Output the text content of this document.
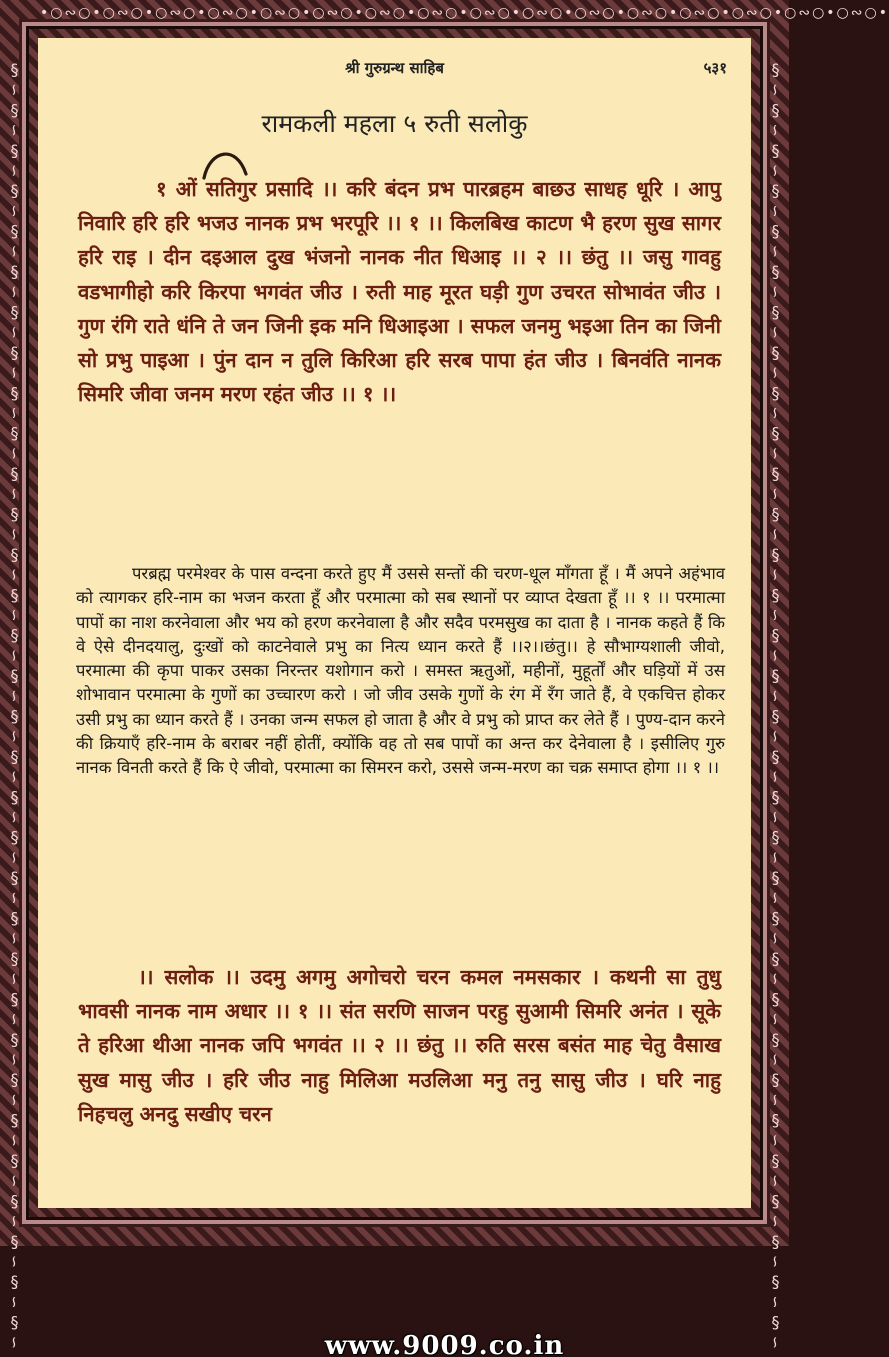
•○∾○•○∾○•○∾○•○∾○•○∾○•○∾○•○∾○•○∾○•○∾○•○∾○•○∾○•○∾○•○∾○•○∾○•○∾○•○∾○•
§∽§∽§∽§∽§∽§∽§∽§∽§∽§∽§∽§∽§∽§∽§∽§∽§∽§∽§∽§∽§∽§∽§∽§∽§∽§∽§∽§∽§∽§∽§∽§∽	§∽§∽§∽§∽§∽§∽§∽§∽§∽§∽§∽§∽§∽§∽§∽§∽§∽§∽§∽§∽§∽§∽§∽§∽§∽§∽§∽§∽§∽§∽§∽§∽
श्री गुरुग्रन्थ साहिब	५३१
रामकली महला ५ रुती सलोकु

१ ओं सतिगुर प्रसादि ।। करि बंदन प्रभ पारब्रहम बाछउ साधह धूरि । आपु निवारि हरि हरि भजउ नानक प्रभ भरपूरि ।। १ ।। किलबिख काटण भै हरण सुख सागर हरि राइ । दीन दइआल दुख भंजनो नानक नीत धिआइ ।। २ ।। छंतु ।। जसु गावहु वडभागीहो करि किरपा भगवंत जीउ । रुती माह मूरत घड़ी गुण उचरत सोभावंत जीउ । गुण रंगि राते धंनि ते जन जिनी इक मनि धिआइआ । सफल जनमु भइआ तिन का जिनी सो प्रभु पाइआ । पुंन दान न तुलि किरिआ हरि सरब पापा हंत जीउ । बिनवंति नानक सिमरि जीवा जनम मरण रहंत जीउ ।। १ ।।

परब्रह्म परमेश्वर के पास वन्दना करते हुए मैं उससे सन्तों की चरण-धूल माँगता हूँ । मैं अपने अहंभाव को त्यागकर हरि-नाम का भजन करता हूँ और परमात्मा को सब स्थानों पर व्याप्त देखता हूँ ।। १ ।। परमात्मा पापों का नाश करनेवाला और भय को हरण करनेवाला है और सदैव परमसुख का दाता है । नानक कहते हैं कि वे ऐसे दीनदयालु, दुःखों को काटनेवाले प्रभु का नित्य ध्यान करते हैं ।।२।।छंतु।। हे सौभाग्यशाली जीवो, परमात्मा की कृपा पाकर उसका निरन्तर यशोगान करो । समस्त ऋतुओं, महीनों, मुहूर्तों और घड़ियों में उस शोभावान परमात्मा के गुणों का उच्चारण करो । जो जीव उसके गुणों के रंग में रँग जाते हैं, वे एकचित्त होकर उसी प्रभु का ध्यान करते हैं । उनका जन्म सफल हो जाता है और वे प्रभु को प्राप्त कर लेते हैं । पुण्य-दान करने की क्रियाएँ हरि-नाम के बराबर नहीं होतीं, क्योंकि वह तो सब पापों का अन्त कर देनेवाला है । इसीलिए गुरु नानक विनती करते हैं कि ऐ जीवो, परमात्मा का सिमरन करो, उससे जन्म-मरण का चक्र समाप्त होगा ।। १ ।।

।। सलोक ।। उदमु अगमु अगोचरो चरन कमल नमसकार । कथनी सा तुधु भावसी नानक नाम अधार ।। १ ।। संत सरणि साजन परहु सुआमी सिमरि अनंत । सूके ते हरिआ थीआ नानक जपि भगवंत ।। २ ।। छंतु ।। रुति सरस बसंत माह चेतु वैसाख सुख मासु जीउ । हरि जीउ नाहु मिलिआ मउलिआ मनु तनु सासु जीउ । घरि नाहु निहचलु अनदु सखीए चरन

www.9009.co.in
